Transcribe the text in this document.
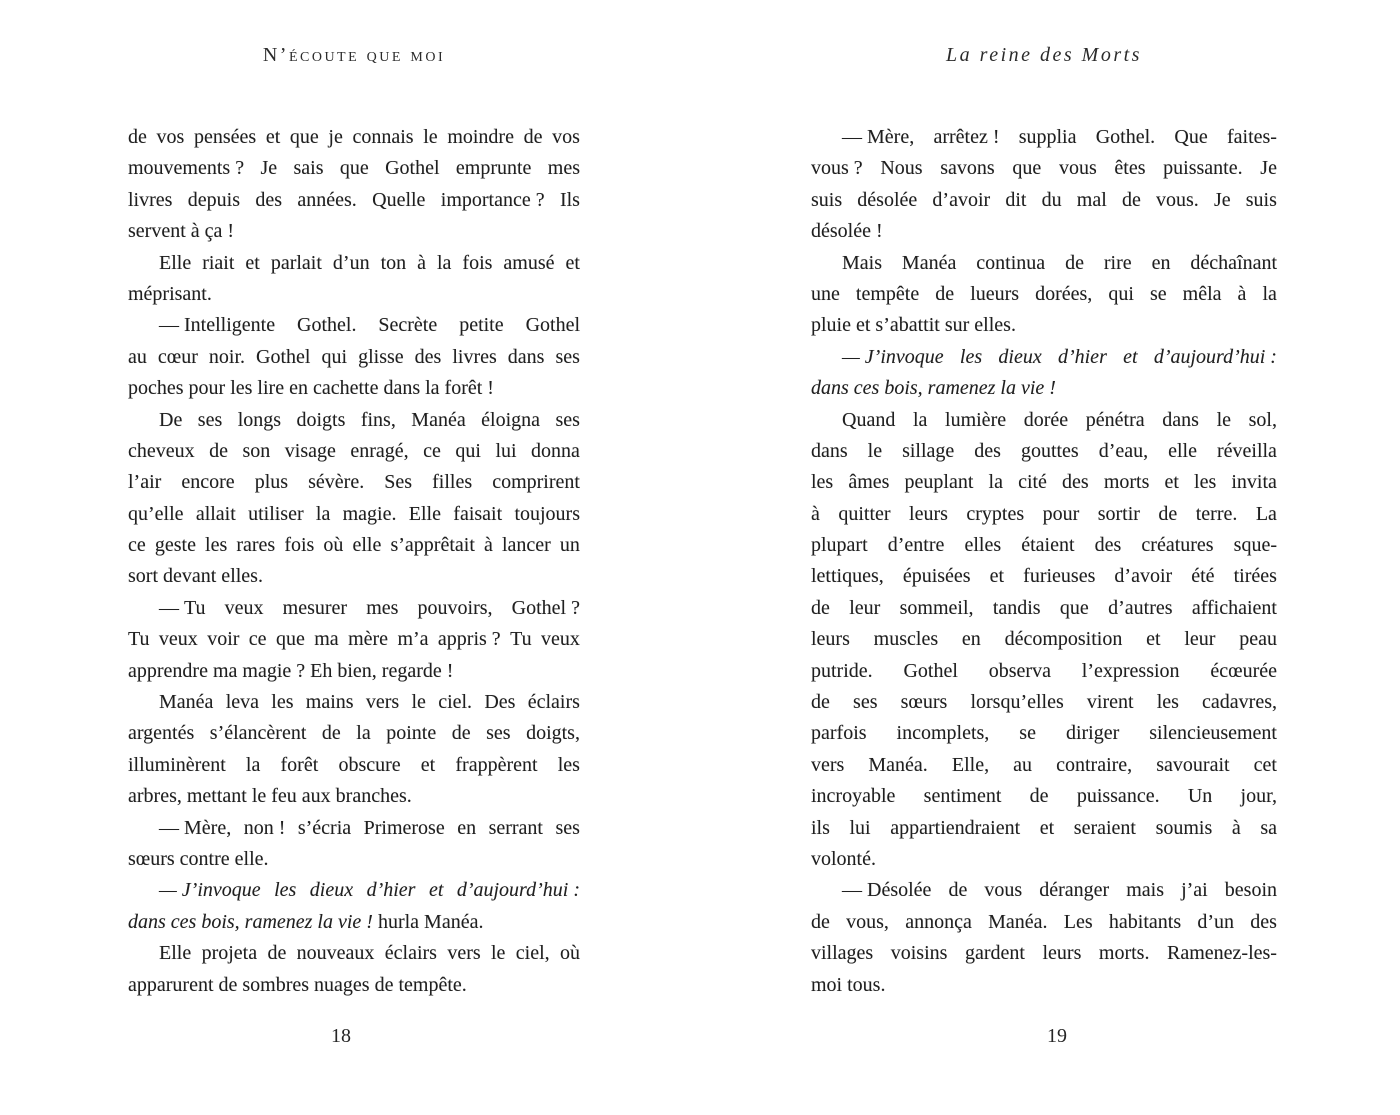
N’écoute que moi
de vos pensées et que je connais le moindre de vos
mouvements ? Je sais que Gothel emprunte mes
livres depuis des années. Quelle importance ? Ils
servent à ça !
Elle riait et parlait d’un ton à la fois amusé et
méprisant.
— Intelligente Gothel. Secrète petite Gothel
au cœur noir. Gothel qui glisse des livres dans ses
poches pour les lire en cachette dans la forêt !
De ses longs doigts fins, Manéa éloigna ses
cheveux de son visage enragé, ce qui lui donna
l’air encore plus sévère. Ses filles comprirent
qu’elle allait utiliser la magie. Elle faisait toujours
ce geste les rares fois où elle s’apprêtait à lancer un
sort devant elles.
— Tu veux mesurer mes pouvoirs, Gothel ?
Tu veux voir ce que ma mère m’a appris ? Tu veux
apprendre ma magie ? Eh bien, regarde !
Manéa leva les mains vers le ciel. Des éclairs
argentés s’élancèrent de la pointe de ses doigts,
illuminèrent la forêt obscure et frappèrent les
arbres, mettant le feu aux branches.
— Mère, non ! s’écria Primerose en serrant ses
sœurs contre elle.
— J’invoque les dieux d’hier et d’aujourd’hui :
dans ces bois, ramenez la vie ! hurla Manéa.
Elle projeta de nouveaux éclairs vers le ciel, où
apparurent de sombres nuages de tempête.
18
La reine des Morts
— Mère, arrêtez ! supplia Gothel. Que faites-
vous ? Nous savons que vous êtes puissante. Je
suis désolée d’avoir dit du mal de vous. Je suis
désolée !
Mais Manéa continua de rire en déchaînant
une tempête de lueurs dorées, qui se mêla à la
pluie et s’abattit sur elles.
— J’invoque les dieux d’hier et d’aujourd’hui :
dans ces bois, ramenez la vie !
Quand la lumière dorée pénétra dans le sol,
dans le sillage des gouttes d’eau, elle réveilla
les âmes peuplant la cité des morts et les invita
à quitter leurs cryptes pour sortir de terre. La
plupart d’entre elles étaient des créatures sque-
lettiques, épuisées et furieuses d’avoir été tirées
de leur sommeil, tandis que d’autres affichaient
leurs muscles en décomposition et leur peau
putride. Gothel observa l’expression écœurée
de ses sœurs lorsqu’elles virent les cadavres,
parfois incomplets, se diriger silencieusement
vers Manéa. Elle, au contraire, savourait cet
incroyable sentiment de puissance. Un jour,
ils lui appartiendraient et seraient soumis à sa
volonté.
— Désolée de vous déranger mais j’ai besoin
de vous, annonça Manéa. Les habitants d’un des
villages voisins gardent leurs morts. Ramenez-les-
moi tous.
19
